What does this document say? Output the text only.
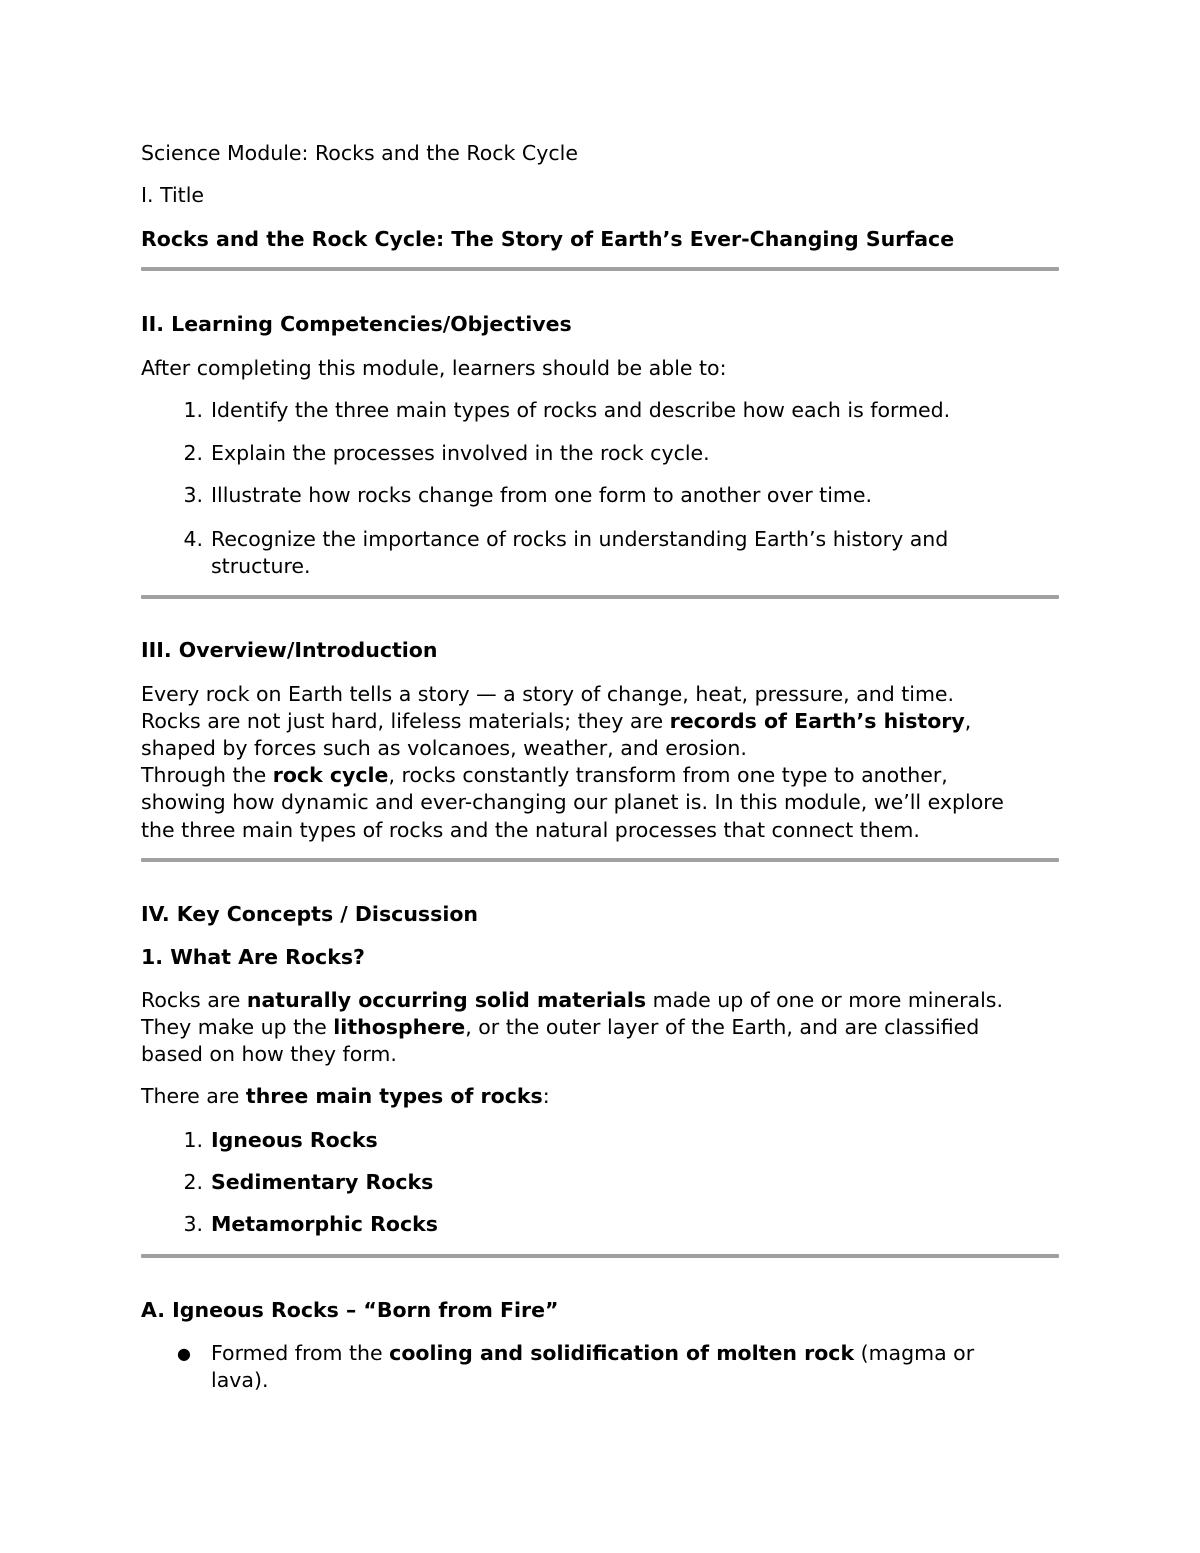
Science Module: Rocks and the Rock Cycle

I. Title

Rocks and the Rock Cycle: The Story of Earth’s Ever-Changing Surface

II. Learning Competencies/Objectives

After completing this module, learners should be able to:

1. Identify the three main types of rocks and describe how each is formed.

2. Explain the processes involved in the rock cycle.

3. Illustrate how rocks change from one form to another over time.

4. Recognize the importance of rocks in understanding Earth’s history and

structure.

III. Overview/Introduction

Every rock on Earth tells a story — a story of change, heat, pressure, and time.

Rocks are not just hard, lifeless materials; they are records of Earth’s history,

shaped by forces such as volcanoes, weather, and erosion.

Through the rock cycle, rocks constantly transform from one type to another,

showing how dynamic and ever-changing our planet is. In this module, we’ll explore

the three main types of rocks and the natural processes that connect them.

IV. Key Concepts / Discussion

1. What Are Rocks?

Rocks are naturally occurring solid materials made up of one or more minerals.

They make up the lithosphere, or the outer layer of the Earth, and are classified

based on how they form.

There are three main types of rocks:

1. Igneous Rocks

2. Sedimentary Rocks

3. Metamorphic Rocks

A. Igneous Rocks – “Born from Fire”

● Formed from the cooling and solidification of molten rock (magma or

lava).
